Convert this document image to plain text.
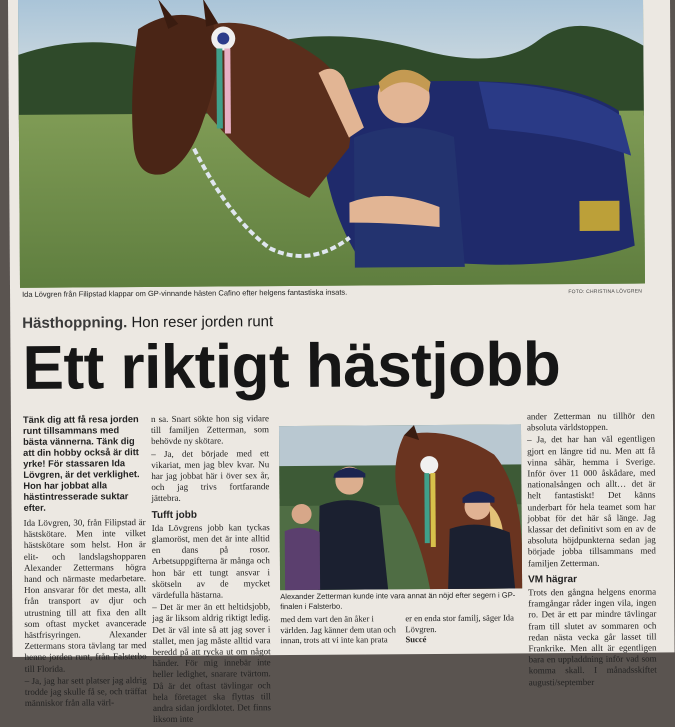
Ida Lövgren från Filipstad klappar om GP-vinnande hästen Cafino efter helgens fantastiska insats.	FOTO: CHRISTINA LÖVGREN
Hästhoppning. Hon reser jorden runt
Ett riktigt hästjobb

Tänk dig att få resa jorden runt tillsammans med bästa vännerna. Tänk dig att din hobby också är ditt yrke! För stassaren Ida Lövgren, är det verklighet. Hon har jobbat alla hästintresserade suktar efter.

Ida Lövgren, 30, från Filipstad är hästskötare. Men inte vilket hästskötare som helst. Hon är elit- och landslagshopparen Alexander Zettermans högra hand och närmaste medarbetare. Hon ansvarar för det mesta, allt från transport av djur och utrustning till att fixa den allt som oftast mycket avancerade hästfrisyringen. Alexander Zettermans stora tävlang tar med henne jorden runt, från Falsterbo till Florida.

– Ja, jag har sett platser jag aldrig trodde jag skulle få se, och träffat människor från alla värl-

n sa. Snart sökte hon sig vidare till familjen Zetterman, som behövde ny skötare.

– Ja, det började med ett vikariat, men jag blev kvar. Nu har jag jobbat här i över sex år, och jag trivs fortfarande jättebra.

Tufft jobb

Ida Lövgrens jobb kan tyckas glamoröst, men det är inte alltid en dans på rosor. Arbetsuppgifterna är många och hon bär ett tungt ansvar i skötseln av de mycket värdefulla hästarna.

– Det är mer än ett heltidsjobb, jag är liksom aldrig riktigt ledig. Det är väl inte så att jag sover i stallet, men jag måste alltid vara beredd på att rycka ut om något händer. För mig innebär inte heller ledighet, snarare tvärtom. Då är det oftast tävlingar och hela företaget ska flyttas till andra sidan jordklotet. Det finns liksom inte

Alexander Zetterman kunde inte vara annat än nöjd efter segern i GP-finalen i Falsterbo.

med dem vart den än åker i världen. Jag känner dem utan och innan, trots att vi inte kan prata

er en enda stor familj, säger Ida Lövgren.
Succé

ander Zetterman nu tillhör den absoluta världstoppen.

– Ja, det har han väl egentligen gjort en längre tid nu. Men att få vinna såhär, hemma i Sverige. Inför över 11 000 åskådare, med nationalsången och allt… det är helt fantastiskt! Det känns underbart för hela teamet som har jobbat för det här så länge. Jag klassar det definitivt som en av de absoluta höjdpunkterna sedan jag började jobba tillsammans med familjen Zetterman.

VM hägrar

Trots den gångna helgens enorma framgångar råder ingen vila, ingen ro. Det är ett par mindre tävlingar fram till slutet av sommaren och redan nästa vecka går lasset till Frankrike. Men allt är egentligen bara en uppladdning inför vad som komma skall. I månadsskiftet augusti/september
